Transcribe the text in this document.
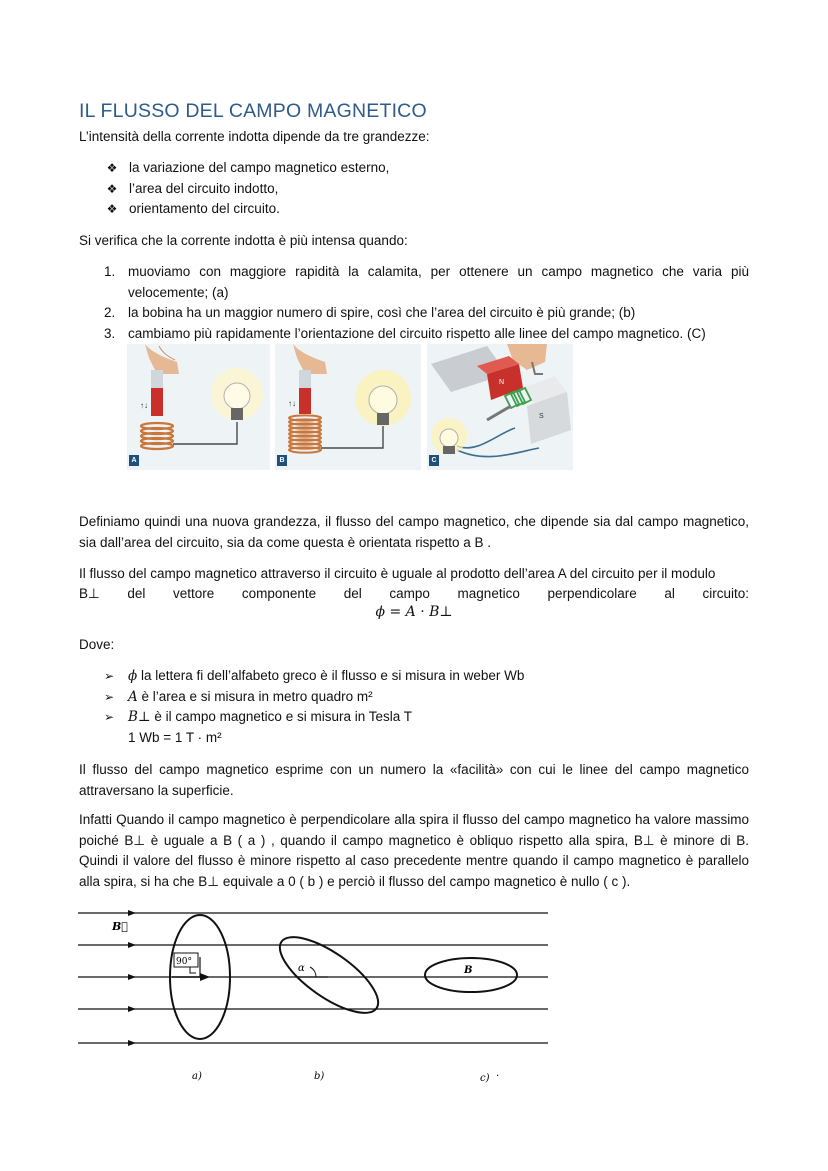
IL FLUSSO DEL CAMPO MAGNETICO

L’intensità della corrente indotta dipende da tre grandezze:

❖ la variazione del campo magnetico esterno,
❖ l’area del circuito indotto,
❖ orientamento del circuito.

Si verifica che la corrente indotta è più intensa quando:

1. muoviamo con maggiore rapidità la calamita, per ottenere un campo magnetico che varia più velocemente; (a)
2. la bobina ha un maggior numero di spire, così che l’area del circuito è più grande; (b)
3. cambiamo più rapidamente l’orientazione del circuito rispetto alle linee del campo magnetico. (C)
↑↓
A
↑↓
B
N
S
C

Definiamo quindi una nuova grandezza, il flusso del campo magnetico, che dipende sia dal campo magnetico, sia dall’area del circuito, sia da come questa è orientata rispetto a B .

Il flusso del campo magnetico attraverso il circuito è uguale al prodotto dell’area A del circuito per il modulo

B⊥ del vettore componente del campo magnetico perpendicolare al circuito:

ϕ = A · B⊥

Dove:

➢ ϕ la lettera fi dell’alfabeto greco è il flusso e si misura in weber Wb
➢ A è l’area e si misura in metro quadro m²
➢ B⊥ è il campo magnetico e si misura in Tesla T
1 Wb = 1 T · m²

Il flusso del campo magnetico esprime con un numero la «facilità» con cui le linee del campo magnetico attraversano la superficie.

Infatti Quando il campo magnetico è perpendicolare alla spira il flusso del campo magnetico ha valore massimo poiché B⊥ è uguale a B ( a ) , quando il campo magnetico è obliquo rispetto alla spira, B⊥ è minore di B. Quindi il valore del flusso è minore rispetto al caso precedente mentre quando il campo magnetico è parallelo alla spira, si ha che B⊥ equivale a 0 ( b ) e perciò il flusso del campo magnetico è nullo ( c ).

B⃗
90°
α	B
a)	b)	c) ·
